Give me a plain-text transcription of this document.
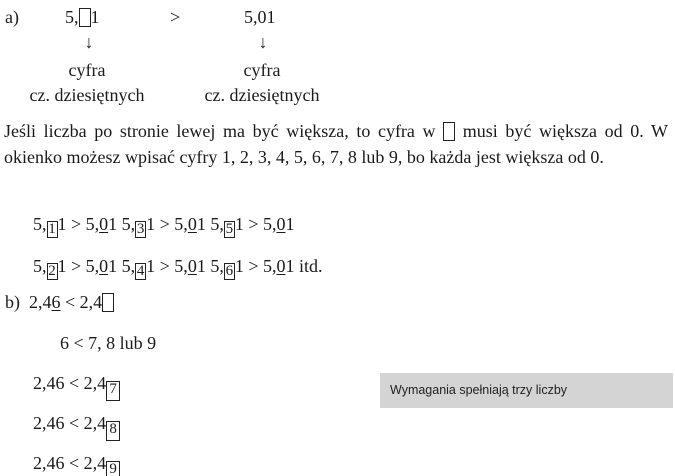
a)	5, 1	>	5,01
↓	↓
cyfra
cz. dziesiętnych
cyfra
cz. dziesiętnych
Jeśli liczba po stronie lewej ma być większa, to cyfra w musi być większa od 0. W okienko możesz wpisać cyfry 1, 2, 3, 4, 5, 6, 7, 8 lub 9, bo każda jest większa od 0.
5, 11 > 5,01 5, 31 > 5,01 5, 51 > 5,01
5, 21 > 5,01 5, 41 > 5,01 5, 61 > 5,01 itd.
b) 2,46 < 2,4
6 < 7, 8 lub 9
2,46 < 2,4 7
2,46 < 2,4 8
2,46 < 2,4 9
Wymagania spełniają trzy liczby
